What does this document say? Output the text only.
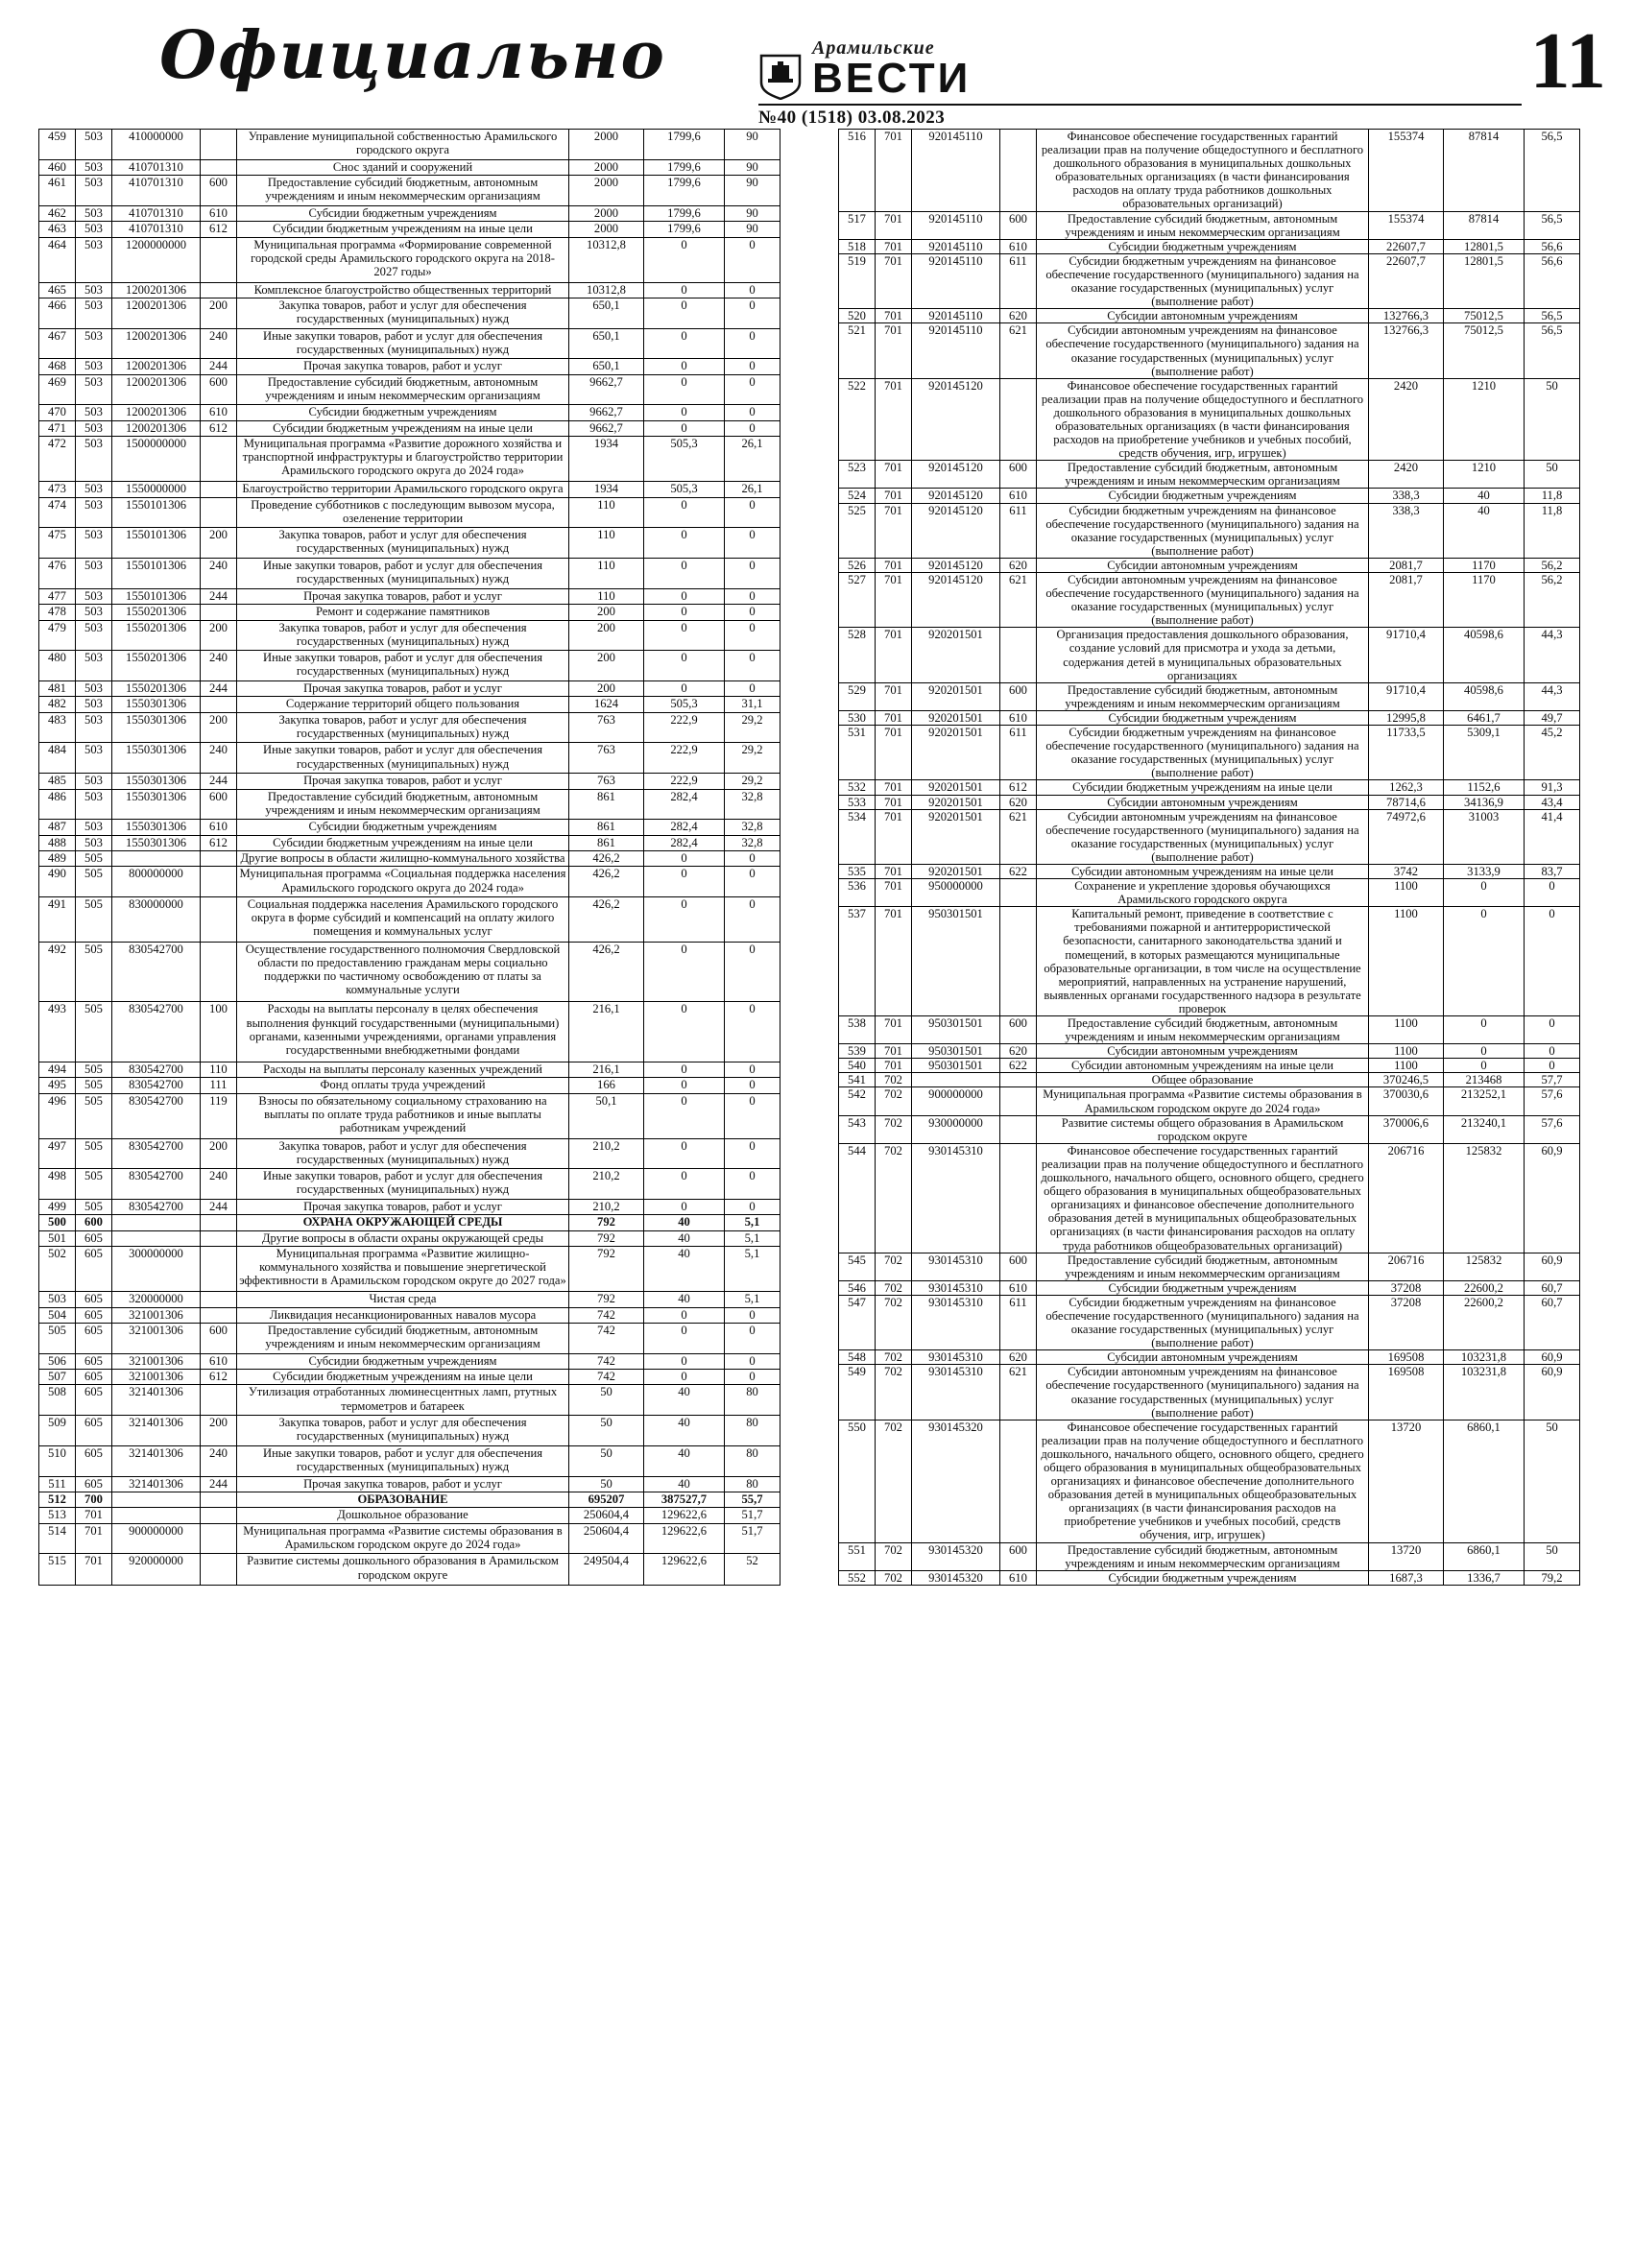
Официально	Арамильские
ВЕСТИ
№40 (1518) 03.08.2023
11
459	503	410000000		Управление муниципальной собственностью Арамильского городского округа	2000	1799,6	90
460	503	410701310		Снос зданий и сооружений	2000	1799,6	90
461	503	410701310	600	Предоставление субсидий бюджетным, автономным учреждениям и иным некоммерческим организациям	2000	1799,6	90
462	503	410701310	610	Субсидии бюджетным учреждениям	2000	1799,6	90
463	503	410701310	612	Субсидии бюджетным учреждениям на иные цели	2000	1799,6	90
464	503	1200000000		Муниципальная программа «Формирование современной городской среды Арамильского городского округа на 2018-2027 годы»	10312,8	0	0
465	503	1200201306		Комплексное благоустройство общественных территорий	10312,8	0	0
466	503	1200201306	200	Закупка товаров, работ и услуг для обеспечения государственных (муниципальных) нужд	650,1	0	0
467	503	1200201306	240	Иные закупки товаров, работ и услуг для обеспечения государственных (муниципальных) нужд	650,1	0	0
468	503	1200201306	244	Прочая закупка товаров, работ и услуг	650,1	0	0
469	503	1200201306	600	Предоставление субсидий бюджетным, автономным учреждениям и иным некоммерческим организациям	9662,7	0	0
470	503	1200201306	610	Субсидии бюджетным учреждениям	9662,7	0	0
471	503	1200201306	612	Субсидии бюджетным учреждениям на иные цели	9662,7	0	0
472	503	1500000000		Муниципальная программа «Развитие дорожного хозяйства и транспортной инфраструктуры и благоустройство территории Арамильского городского округа до 2024 года»	1934	505,3	26,1
473	503	1550000000		Благоустройство территории Арамильского городского округа	1934	505,3	26,1
474	503	1550101306		Проведение субботников с последующим вывозом мусора, озеленение территории	110	0	0
475	503	1550101306	200	Закупка товаров, работ и услуг для обеспечения государственных (муниципальных) нужд	110	0	0
476	503	1550101306	240	Иные закупки товаров, работ и услуг для обеспечения государственных (муниципальных) нужд	110	0	0
477	503	1550101306	244	Прочая закупка товаров, работ и услуг	110	0	0
478	503	1550201306		Ремонт и содержание памятников	200	0	0
479	503	1550201306	200	Закупка товаров, работ и услуг для обеспечения государственных (муниципальных) нужд	200	0	0
480	503	1550201306	240	Иные закупки товаров, работ и услуг для обеспечения государственных (муниципальных) нужд	200	0	0
481	503	1550201306	244	Прочая закупка товаров, работ и услуг	200	0	0
482	503	1550301306		Содержание территорий общего пользования	1624	505,3	31,1
483	503	1550301306	200	Закупка товаров, работ и услуг для обеспечения государственных (муниципальных) нужд	763	222,9	29,2
484	503	1550301306	240	Иные закупки товаров, работ и услуг для обеспечения государственных (муниципальных) нужд	763	222,9	29,2
485	503	1550301306	244	Прочая закупка товаров, работ и услуг	763	222,9	29,2
486	503	1550301306	600	Предоставление субсидий бюджетным, автономным учреждениям и иным некоммерческим организациям	861	282,4	32,8
487	503	1550301306	610	Субсидии бюджетным учреждениям	861	282,4	32,8
488	503	1550301306	612	Субсидии бюджетным учреждениям на иные цели	861	282,4	32,8
489	505			Другие вопросы в области жилищно-коммунального хозяйства	426,2	0	0
490	505	800000000		Муниципальная программа «Социальная поддержка населения Арамильского городского округа до 2024 года»	426,2	0	0
491	505	830000000		Социальная поддержка населения Арамильского городского округа в форме субсидий и компенсаций на оплату жилого помещения и коммунальных услуг	426,2	0	0
492	505	830542700		Осуществление государственного полномочия Свердловской области по предоставлению гражданам меры социально поддержки по частичному освобождению от платы за коммунальные услуги	426,2	0	0
493	505	830542700	100	Расходы на выплаты персоналу в целях обеспечения выполнения функций государственными (муниципальными) органами, казенными учреждениями, органами управления государственными внебюджетными фондами	216,1	0	0
494	505	830542700	110	Расходы на выплаты персоналу казенных учреждений	216,1	0	0
495	505	830542700	111	Фонд оплаты труда учреждений	166	0	0
496	505	830542700	119	Взносы по обязательному социальному страхованию на выплаты по оплате труда работников и иные выплаты работникам учреждений	50,1	0	0
497	505	830542700	200	Закупка товаров, работ и услуг для обеспечения государственных (муниципальных) нужд	210,2	0	0
498	505	830542700	240	Иные закупки товаров, работ и услуг для обеспечения государственных (муниципальных) нужд	210,2	0	0
499	505	830542700	244	Прочая закупка товаров, работ и услуг	210,2	0	0
500	600			ОХРАНА ОКРУЖАЮЩЕЙ СРЕДЫ	792	40	5,1
501	605			Другие вопросы в области охраны окружающей среды	792	40	5,1
502	605	300000000		Муниципальная программа «Развитие жилищно-коммунального хозяйства и повышение энергетической эффективности в Арамильском городском округе до 2027 года»	792	40	5,1
503	605	320000000		Чистая среда	792	40	5,1
504	605	321001306		Ликвидация несанкционированных навалов мусора	742	0	0
505	605	321001306	600	Предоставление субсидий бюджетным, автономным учреждениям и иным некоммерческим организациям	742	0	0
506	605	321001306	610	Субсидии бюджетным учреждениям	742	0	0
507	605	321001306	612	Субсидии бюджетным учреждениям на иные цели	742	0	0
508	605	321401306		Утилизация отработанных люминесцентных ламп, ртутных термометров и батареек	50	40	80
509	605	321401306	200	Закупка товаров, работ и услуг для обеспечения государственных (муниципальных) нужд	50	40	80
510	605	321401306	240	Иные закупки товаров, работ и услуг для обеспечения государственных (муниципальных) нужд	50	40	80
511	605	321401306	244	Прочая закупка товаров, работ и услуг	50	40	80
512	700			ОБРАЗОВАНИЕ	695207	387527,7	55,7
513	701			Дошкольное образование	250604,4	129622,6	51,7
514	701	900000000		Муниципальная программа «Развитие системы образования в Арамильском городском округе до 2024 года»	250604,4	129622,6	51,7
515	701	920000000		Развитие системы дошкольного образования в Арамильском городском округе	249504,4	129622,6	52
516	701	920145110		Финансовое обеспечение государственных гарантий реализации прав на получение общедоступного и бесплатного дошкольного образования в муниципальных дошкольных образовательных организациях (в части финансирования расходов на оплату труда работников дошкольных образовательных организаций)	155374	87814	56,5
517	701	920145110	600	Предоставление субсидий бюджетным, автономным учреждениям и иным некоммерческим организациям	155374	87814	56,5
518	701	920145110	610	Субсидии бюджетным учреждениям	22607,7	12801,5	56,6
519	701	920145110	611	Субсидии бюджетным учреждениям на финансовое обеспечение государственного (муниципального) задания на оказание государственных (муниципальных) услуг (выполнение работ)	22607,7	12801,5	56,6
520	701	920145110	620	Субсидии автономным учреждениям	132766,3	75012,5	56,5
521	701	920145110	621	Субсидии автономным учреждениям на финансовое обеспечение государственного (муниципального) задания на оказание государственных (муниципальных) услуг (выполнение работ)	132766,3	75012,5	56,5
522	701	920145120		Финансовое обеспечение государственных гарантий реализации прав на получение общедоступного и бесплатного дошкольного образования в муниципальных дошкольных образовательных организациях (в части финансирования расходов на приобретение учебников и учебных пособий, средств обучения, игр, игрушек)	2420	1210	50
523	701	920145120	600	Предоставление субсидий бюджетным, автономным учреждениям и иным некоммерческим организациям	2420	1210	50
524	701	920145120	610	Субсидии бюджетным учреждениям	338,3	40	11,8
525	701	920145120	611	Субсидии бюджетным учреждениям на финансовое обеспечение государственного (муниципального) задания на оказание государственных (муниципальных) услуг (выполнение работ)	338,3	40	11,8
526	701	920145120	620	Субсидии автономным учреждениям	2081,7	1170	56,2
527	701	920145120	621	Субсидии автономным учреждениям на финансовое обеспечение государственного (муниципального) задания на оказание государственных (муниципальных) услуг (выполнение работ)	2081,7	1170	56,2
528	701	920201501		Организация предоставления дошкольного образования, создание условий для присмотра и ухода за детьми, содержания детей в муниципальных образовательных организациях	91710,4	40598,6	44,3
529	701	920201501	600	Предоставление субсидий бюджетным, автономным учреждениям и иным некоммерческим организациям	91710,4	40598,6	44,3
530	701	920201501	610	Субсидии бюджетным учреждениям	12995,8	6461,7	49,7
531	701	920201501	611	Субсидии бюджетным учреждениям на финансовое обеспечение государственного (муниципального) задания на оказание государственных (муниципальных) услуг (выполнение работ)	11733,5	5309,1	45,2
532	701	920201501	612	Субсидии бюджетным учреждениям на иные цели	1262,3	1152,6	91,3
533	701	920201501	620	Субсидии автономным учреждениям	78714,6	34136,9	43,4
534	701	920201501	621	Субсидии автономным учреждениям на финансовое обеспечение государственного (муниципального) задания на оказание государственных (муниципальных) услуг (выполнение работ)	74972,6	31003	41,4
535	701	920201501	622	Субсидии автономным учреждениям на иные цели	3742	3133,9	83,7
536	701	950000000		Сохранение и укрепление здоровья обучающихся Арамильского городского округа	1100	0	0
537	701	950301501		Капитальный ремонт, приведение в соответствие с требованиями пожарной и антитеррористической безопасности, санитарного законодательства зданий и помещений, в которых размещаются муниципальные образовательные организации, в том числе на осуществление мероприятий, направленных на устранение нарушений, выявленных органами государственного надзора в результате проверок	1100	0	0
538	701	950301501	600	Предоставление субсидий бюджетным, автономным учреждениям и иным некоммерческим организациям	1100	0	0
539	701	950301501	620	Субсидии автономным учреждениям	1100	0	0
540	701	950301501	622	Субсидии автономным учреждениям на иные цели	1100	0	0
541	702			Общее образование	370246,5	213468	57,7
542	702	900000000		Муниципальная программа «Развитие системы образования в Арамильском городском округе до 2024 года»	370030,6	213252,1	57,6
543	702	930000000		Развитие системы общего образования в Арамильском городском округе	370006,6	213240,1	57,6
544	702	930145310		Финансовое обеспечение государственных гарантий реализации прав на получение общедоступного и бесплатного дошкольного, начального общего, основного общего, среднего общего образования в муниципальных общеобразовательных организациях и финансовое обеспечение дополнительного образования детей в муниципальных общеобразовательных организациях (в части финансирования расходов на оплату труда работников общеобразовательных организаций)	206716	125832	60,9
545	702	930145310	600	Предоставление субсидий бюджетным, автономным учреждениям и иным некоммерческим организациям	206716	125832	60,9
546	702	930145310	610	Субсидии бюджетным учреждениям	37208	22600,2	60,7
547	702	930145310	611	Субсидии бюджетным учреждениям на финансовое обеспечение государственного (муниципального) задания на оказание государственных (муниципальных) услуг (выполнение работ)	37208	22600,2	60,7
548	702	930145310	620	Субсидии автономным учреждениям	169508	103231,8	60,9
549	702	930145310	621	Субсидии автономным учреждениям на финансовое обеспечение государственного (муниципального) задания на оказание государственных (муниципальных) услуг (выполнение работ)	169508	103231,8	60,9
550	702	930145320		Финансовое обеспечение государственных гарантий реализации прав на получение общедоступного и бесплатного дошкольного, начального общего, основного общего, среднего общего образования в муниципальных общеобразовательных организациях и финансовое обеспечение дополнительного образования детей в муниципальных общеобразовательных организациях (в части финансирования расходов на приобретение учебников и учебных пособий, средств обучения, игр, игрушек)	13720	6860,1	50
551	702	930145320	600	Предоставление субсидий бюджетным, автономным учреждениям и иным некоммерческим организациям	13720	6860,1	50
552	702	930145320	610	Субсидии бюджетным учреждениям	1687,3	1336,7	79,2
